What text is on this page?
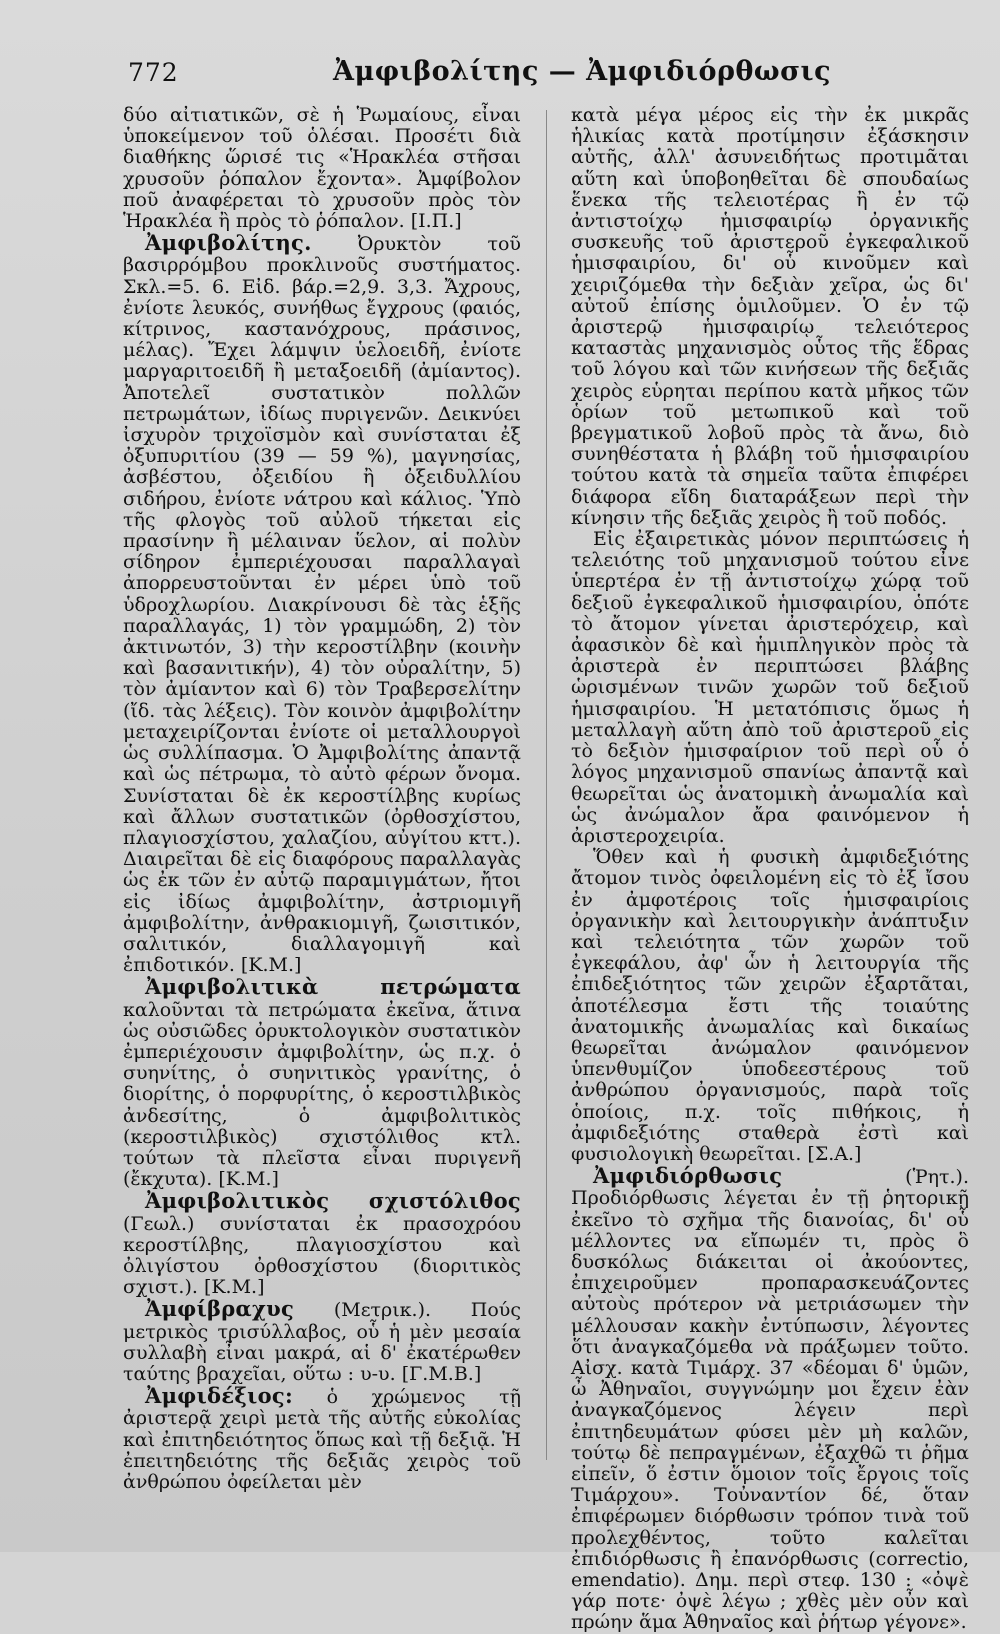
772	Ἀμφιβολίτης — Ἀμφιδιόρθωσις

δύο αἰτιατικῶν, σὲ ἡ Ῥωμαίους, εἶναι ὑποκείμενον τοῦ ὁλέσαι. Προσέτι διὰ διαθήκης ὥρισέ τις «Ἡρακλέα στῆσαι χρυσοῦν ῥόπαλον ἔχοντα». Ἀμφίβολον ποῦ ἀναφέρεται τὸ χρυσοῦν πρὸς τὸν Ἡρακλέα ἢ πρὸς τὸ ῥόπαλον. [Ι.Π.]

Ἀμφιβολίτης. Ὀρυκτὸν τοῦ βασιρρόμβου προκλινοῦς συστήματος. Σκλ.=5. 6. Εἰδ. βάρ.=2,9. 3,3. Ἄχρους, ἐνίοτε λευκός, συνήθως ἔγχρους (φαιός, κίτρινος, καστανόχρους, πράσινος, μέλας). Ἔχει λάμψιν ὑελοειδῆ, ἐνίοτε μαργαριτοειδῆ ἢ μεταξοειδῆ (ἀμίαντος). Ἀποτελεῖ συστατικὸν πολλῶν πετρωμάτων, ἰδίως πυριγενῶν. Δεικνύει ἰσχυρὸν τριχοϊσμὸν καὶ συνίσταται ἐξ ὀξυπυριτίου (39 — 59 %), μαγνησίας, ἀσβέστου, ὀξειδίου ἢ ὀξειδυλλίου σιδήρου, ἐνίοτε νάτρου καὶ κάλιος. Ὑπὸ τῆς φλογὸς τοῦ αὐλοῦ τήκεται εἰς πρασίνην ἢ μέλαιναν ὕελον, αἱ πολὺν σίδηρον ἐμπεριέχουσαι παραλλαγαὶ ἀπορρευστοῦνται ἐν μέρει ὑπὸ τοῦ ὑδροχλωρίου. Διακρίνουσι δὲ τὰς ἑξῆς παραλλαγάς, 1) τὸν γραμμώδη, 2) τὸν ἀκτινωτόν, 3) τὴν κεροστίλβην (κοινὴν καὶ βασανιτικήν), 4) τὸν οὐραλίτην, 5) τὸν ἀμίαντον καὶ 6) τὸν Τραβερσελίτην (ἴδ. τὰς λέξεις). Τὸν κοινὸν ἀμφιβολίτην μεταχειρίζονται ἐνίοτε οἱ μεταλλουργοὶ ὡς συλλίπασμα. Ὁ Ἀμφιβολίτης ἀπαντᾷ καὶ ὡς πέτρωμα, τὸ αὐτὸ φέρων ὄνομα. Συνίσταται δὲ ἐκ κεροστίλβης κυρίως καὶ ἄλλων συστατικῶν (ὀρθοσχίστου, πλαγιοσχίστου, χαλαζίου, αὐγίτου κττ.). Διαιρεῖται δὲ εἰς διαφόρους παραλλαγὰς ὡς ἐκ τῶν ἐν αὐτῷ παραμιγμάτων, ἤτοι εἰς ἰδίως ἀμφιβολίτην, ἀστριομιγῆ ἀμφιβολίτην, ἀνθρακιομιγῆ, ζωισιτικόν, σαλιτικόν, διαλλαγομιγῆ καὶ ἐπιδοτικόν. [Κ.Μ.]

Ἀμφιβολιτικὰ πετρώματα καλοῦνται τὰ πετρώματα ἐκεῖνα, ἅτινα ὡς οὐσιῶδες ὀρυκτολογικὸν συστατικὸν ἐμπεριέχουσιν ἀμφιβολίτην, ὡς π.χ. ὁ συηνίτης, ὁ συηνιτικὸς γρανίτης, ὁ διορίτης, ὁ πορφυρίτης, ὁ κεροστιλβικὸς ἀνδεσίτης, ὁ ἀμφιβολιτικὸς (κεροστιλβικὸς) σχιστόλιθος κτλ. τούτων τὰ πλεῖστα εἶναι πυριγενῆ (ἔκχυτα). [Κ.Μ.]

Ἀμφιβολιτικὸς σχιστόλιθος (Γεωλ.) συνίσταται ἐκ πρασοχρόου κεροστίλβης, πλαγιοσχίστου καὶ ὀλιγίστου ὀρθοσχίστου (διοριτικὸς σχιστ.). [Κ.Μ.]

Ἀμφίβραχυς (Μετρικ.). Πούς μετρικὸς τρισύλλαβος, οὗ ἡ μὲν μεσαία συλλαβὴ εἶναι μακρά, αἱ δ' ἐκατέρωθεν ταύτης βραχεῖαι, οὕτω : υ-υ. [Γ.Μ.Β.]

Ἀμφιδέξιος: ὁ χρώμενος τῇ ἀριστερᾷ χειρὶ μετὰ τῆς αὐτῆς εὐκολίας καὶ ἐπιτηδειότητος ὅπως καὶ τῇ δεξιᾷ. Ἡ ἐπειτηδειότης τῆς δεξιᾶς χειρὸς τοῦ ἀνθρώπου ὀφείλεται μὲν

κατὰ μέγα μέρος εἰς τὴν ἐκ μικρᾶς ἡλικίας κατὰ προτίμησιν ἐξάσκησιν αὐτῆς, ἀλλ' ἀσυνειδήτως προτιμᾶται αὕτη καὶ ὑποβοηθεῖται δὲ σπουδαίως ἕνεκα τῆς τελειοτέρας ἢ ἐν τῷ ἀντιστοίχῳ ἡμισφαιρίῳ ὀργανικῆς συσκευῆς τοῦ ἀριστεροῦ ἐγκεφαλικοῦ ἡμισφαιρίου, δι' οὗ κινοῦμεν καὶ χειριζόμεθα τὴν δεξιὰν χεῖρα, ὡς δι' αὐτοῦ ἐπίσης ὁμιλοῦμεν. Ὁ ἐν τῷ ἀριστερῷ ἡμισφαιρίῳ τελειότερος καταστὰς μηχανισμὸς οὗτος τῆς ἕδρας τοῦ λόγου καὶ τῶν κινήσεων τῆς δεξιᾶς χειρὸς εὑρηται περίπου κατὰ μῆκος τῶν ὁρίων τοῦ μετωπικοῦ καὶ τοῦ βρεγματικοῦ λοβοῦ πρὸς τὰ ἄνω, διὸ συνηθέστατα ἡ βλάβη τοῦ ἡμισφαιρίου τούτου κατὰ τὰ σημεῖα ταῦτα ἐπιφέρει διάφορα εἴδη διαταράξεων περὶ τὴν κίνησιν τῆς δεξιᾶς χειρὸς ἢ τοῦ ποδός.

Εἰς ἐξαιρετικὰς μόνον περιπτώσεις ἡ τελειότης τοῦ μηχανισμοῦ τούτου εἶνε ὑπερτέρα ἐν τῇ ἀντιστοίχῳ χώρᾳ τοῦ δεξιοῦ ἐγκεφαλικοῦ ἡμισφαιρίου, ὁπότε τὸ ἄτομον γίνεται ἀριστερόχειρ, καὶ ἀφασικὸν δὲ καὶ ἡμιπληγικὸν πρὸς τὰ ἀριστερὰ ἐν περιπτώσει βλάβης ὡρισμένων τινῶν χωρῶν τοῦ δεξιοῦ ἡμισφαιρίου. Ἡ μετατόπισις ὅμως ἡ μεταλλαγὴ αὕτη ἀπὸ τοῦ ἀριστεροῦ εἰς τὸ δεξιὸν ἡμισφαίριον τοῦ περὶ οὗ ὁ λόγος μηχανισμοῦ σπανίως ἀπαντᾷ καὶ θεωρεῖται ὡς ἀνατομικὴ ἀνωμαλία καὶ ὡς ἀνώμαλον ἄρα φαινόμενον ἡ ἀριστεροχειρία.

Ὅθεν καὶ ἡ φυσικὴ ἀμφιδεξιότης ἄτομον τινὸς ὀφειλομένη εἰς τὸ ἐξ ἴσου ἐν ἀμφοτέροις τοῖς ἡμισφαιρίοις ὀργανικὴν καὶ λειτουργικὴν ἀνάπτυξιν καὶ τελειότητα τῶν χωρῶν τοῦ ἐγκεφάλου, ἀφ' ὧν ἡ λειτουργία τῆς ἐπιδεξιότητος τῶν χειρῶν ἐξαρτᾶται, ἀποτέλεσμα ἔστι τῆς τοιαύτης ἀνατομικῆς ἀνωμαλίας καὶ δικαίως θεωρεῖται ἀνώμαλον φαινόμενον ὑπενθυμίζον ὑποδεεστέρους τοῦ ἀνθρώπου ὀργανισμούς, παρὰ τοῖς ὁποίοις, π.χ. τοῖς πιθήκοις, ἡ ἀμφιδεξιότης σταθερὰ ἐστὶ καὶ φυσιολογικὴ θεωρεῖται. [Σ.Α.]

Ἀμφιδιόρθωσις (Ῥητ.). Προδιόρθωσις λέγεται ἐν τῇ ῥητορικῇ ἐκεῖνο τὸ σχῆμα τῆς διανοίας, δι' οὗ μέλλοντες να εἴπωμέν τι, πρὸς ὃ δυσκόλως διάκειται οἱ ἀκούοντες, ἐπιχειροῦμεν προπαρασκευάζοντες αὐτοὺς πρότερον νὰ μετριάσωμεν τὴν μέλλουσαν κακὴν ἐντύπωσιν, λέγοντες ὅτι ἀναγκαζόμεθα νὰ πράξωμεν τοῦτο. Αἰσχ. κατὰ Τιμάρχ. 37 «δέομαι δ' ὑμῶν, ὦ Ἀθηναῖοι, συγγνώμην μοι ἔχειν ἐὰν ἀναγκαζόμενος λέγειν περὶ ἐπιτηδευμάτων φύσει μὲν μὴ καλῶν, τούτῳ δὲ πεπραγμένων, ἐξαχθῶ τι ῥῆμα εἰπεῖν, ὅ ἐστιν ὅμοιον τοῖς ἔργοις τοῖς Τιμάρχου». Τοὐναντίον δέ, ὅταν ἐπιφέρωμεν διόρθωσιν τρόπον τινὰ τοῦ προλεχθέντος, τοῦτο καλεῖται ἐπιδιόρθωσις ἢ ἐπανόρθωσις (correctio, emendatio). Δημ. περὶ στεφ. 130 : «ὀψὲ γάρ ποτε· ὀψὲ λέγω ; χθὲς μὲν οὖν καὶ πρώην ἅμα Ἀθηναῖος καὶ ῥήτωρ γέγονε».
